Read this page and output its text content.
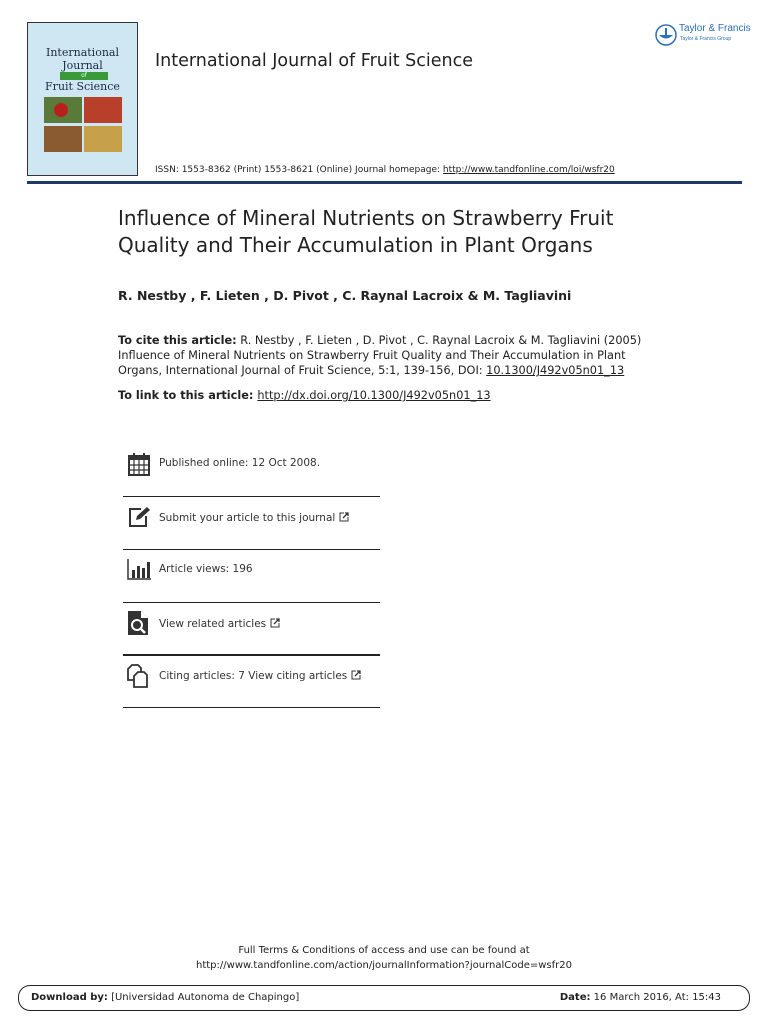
International
Journal
of
Fruit Science
International Journal of Fruit Science
Taylor & Francis
Taylor & Francis Group
ISSN: 1553-8362 (Print) 1553-8621 (Online) Journal homepage: http://www.tandfonline.com/loi/wsfr20
Influence of Mineral Nutrients on Strawberry Fruit Quality and Their Accumulation in Plant Organs
R. Nestby , F. Lieten , D. Pivot , C. Raynal Lacroix & M. Tagliavini
To cite this article: R. Nestby , F. Lieten , D. Pivot , C. Raynal Lacroix & M. Tagliavini (2005) Influence of Mineral Nutrients on Strawberry Fruit Quality and Their Accumulation in Plant Organs, International Journal of Fruit Science, 5:1, 139-156, DOI: 10.1300/J492v05n01_13
To link to this article: http://dx.doi.org/10.1300/J492v05n01_13
Published online: 12 Oct 2008.
Submit your article to this journal
Article views: 196
View related articles
Citing articles: 7 View citing articles
Full Terms & Conditions of access and use can be found at
http://www.tandfonline.com/action/journalInformation?journalCode=wsfr20
Download by: [Universidad Autonoma de Chapingo]	Date: 16 March 2016, At: 15:43
